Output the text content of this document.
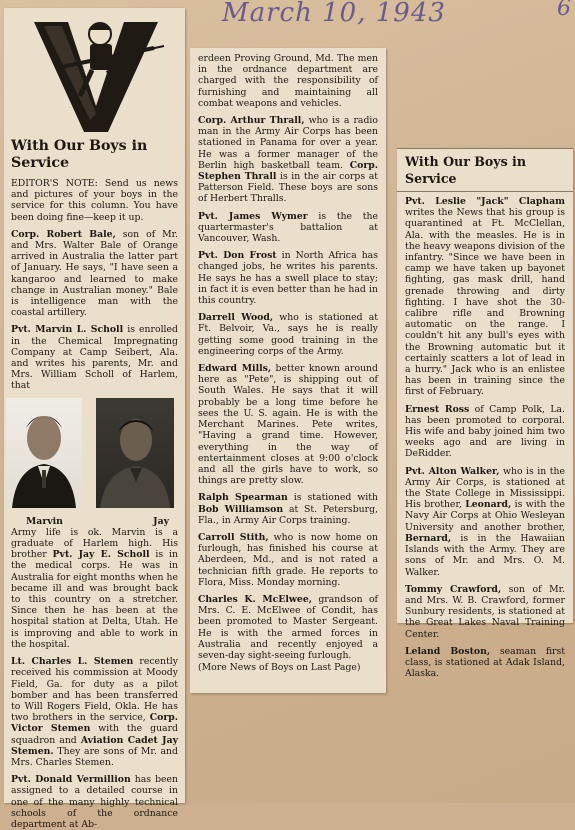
March 10, 1943	6
With Our Boys in Service

EDITOR'S NOTE: Send us news and pictures of your boys in the service for this column. You have been doing fine—keep it up.

Corp. Robert Bale, son of Mr. and Mrs. Walter Bale of Orange arrived in Australia the latter part of January. He says, "I have seen a kangaroo and learned to make change in Australian money." Bale is intelligence man with the coastal artillery.

Pvt. Marvin L. Scholl is enrolled in the Chemical Impregnating Company at Camp Seibert, Ala. and writes his parents, Mr. and Mrs. William Scholl of Harlem, that

Marvin	Jay

Army life is ok. Marvin is a graduate of Harlem high. His brother Pvt. Jay E. Scholl is in the medical corps. He was in Australia for eight months when he became ill and was brought back to this country on a stretcher. Since then he has been at the hospital station at Delta, Utah. He is improving and able to work in the hospital.

Lt. Charles L. Stemen recently received his commission at Moody Field, Ga. for duty as a pilot bomber and has been transferred to Will Rogers Field, Okla. He has two brothers in the service, Corp. Victor Stemen with the guard squadron and Aviation Cadet Jay Stemen. They are sons of Mr. and Mrs. Charles Stemen.

Pvt. Donald Vermillion has been assigned to a detailed course in one of the many highly technical schools of the ordnance department at Ab-

erdeen Proving Ground, Md. The men in the ordnance department are charged with the responsibility of furnishing and maintaining all combat weapons and vehicles.

Corp. Arthur Thrall, who is a radio man in the Army Air Corps has been stationed in Panama for over a year. He was a former manager of the Berlin high basketball team. Corp. Stephen Thrall is in the air corps at Patterson Field. These boys are sons of Herbert Thralls.

Pvt. James Wymer is the the quartermaster's battalion at Vancouver, Wash.

Pvt. Don Frost in North Africa has changed jobs, he writes his parents. He says he has a swell place to stay; in fact it is even better than he had in this country.

Darrell Wood, who is stationed at Ft. Belvoir, Va., says he is really getting some good training in the engineering corps of the Army.

Edward Mills, better known around here as "Pete", is shipping out of South Wales. He says that it will probably be a long time before he sees the U. S. again. He is with the Merchant Marines. Pete writes, "Having a grand time. However, everything in the way of entertainment closes at 9:00 o'clock and all the girls have to work, so things are pretty slow.

Ralph Spearman is stationed with Bob Williamson at St. Petersburg, Fla., in Army Air Corps training.

Carroll Stith, who is now home on furlough, has finished his course at Aberdeen, Md., and is not rated a technician fifth grade. He reports to Flora, Miss. Monday morning.

Charles K. McElwee, grandson of Mrs. C. E. McElwee of Condit, has been promoted to Master Sergeant. He is with the armed forces in Australia and recently enjoyed a seven-day sight-seeing furlough.

(More News of Boys on Last Page)

With Our Boys in Service

Pvt. Leslie "Jack" Clapham writes the News that his group is quarantined at Ft. McClellan, Ala. with the measles. He is in the heavy weapons division of the infantry. "Since we have been in camp we have taken up bayonet fighting, gas mask drill, hand grenade throwing and dirty fighting. I have shot the 30-calibre rifle and Browning automatic on the range. I couldn't hit any bull's eyes with the Browning automatic but it certainly scatters a lot of lead in a hurry." Jack who is an enlistee has been in training since the first of February.

Ernest Ross of Camp Polk, La. has been promoted to corporal. His wife and baby joined him two weeks ago and are living in DeRidder.

Pvt. Alton Walker, who is in the Army Air Corps, is stationed at the State College in Mississippi. His brother, Leonard, is with the Navy Air Corps at Ohio Wesleyan University and another brother, Bernard, is in the Hawaiian Islands with the Army. They are sons of Mr. and Mrs. O. M. Walker.

Tommy Crawford, son of Mr. and Mrs. W. B. Crawford, former Sunbury residents, is stationed at the Great Lakes Naval Training Center.

Leland Boston, seaman first class, is stationed at Adak Island, Alaska.
